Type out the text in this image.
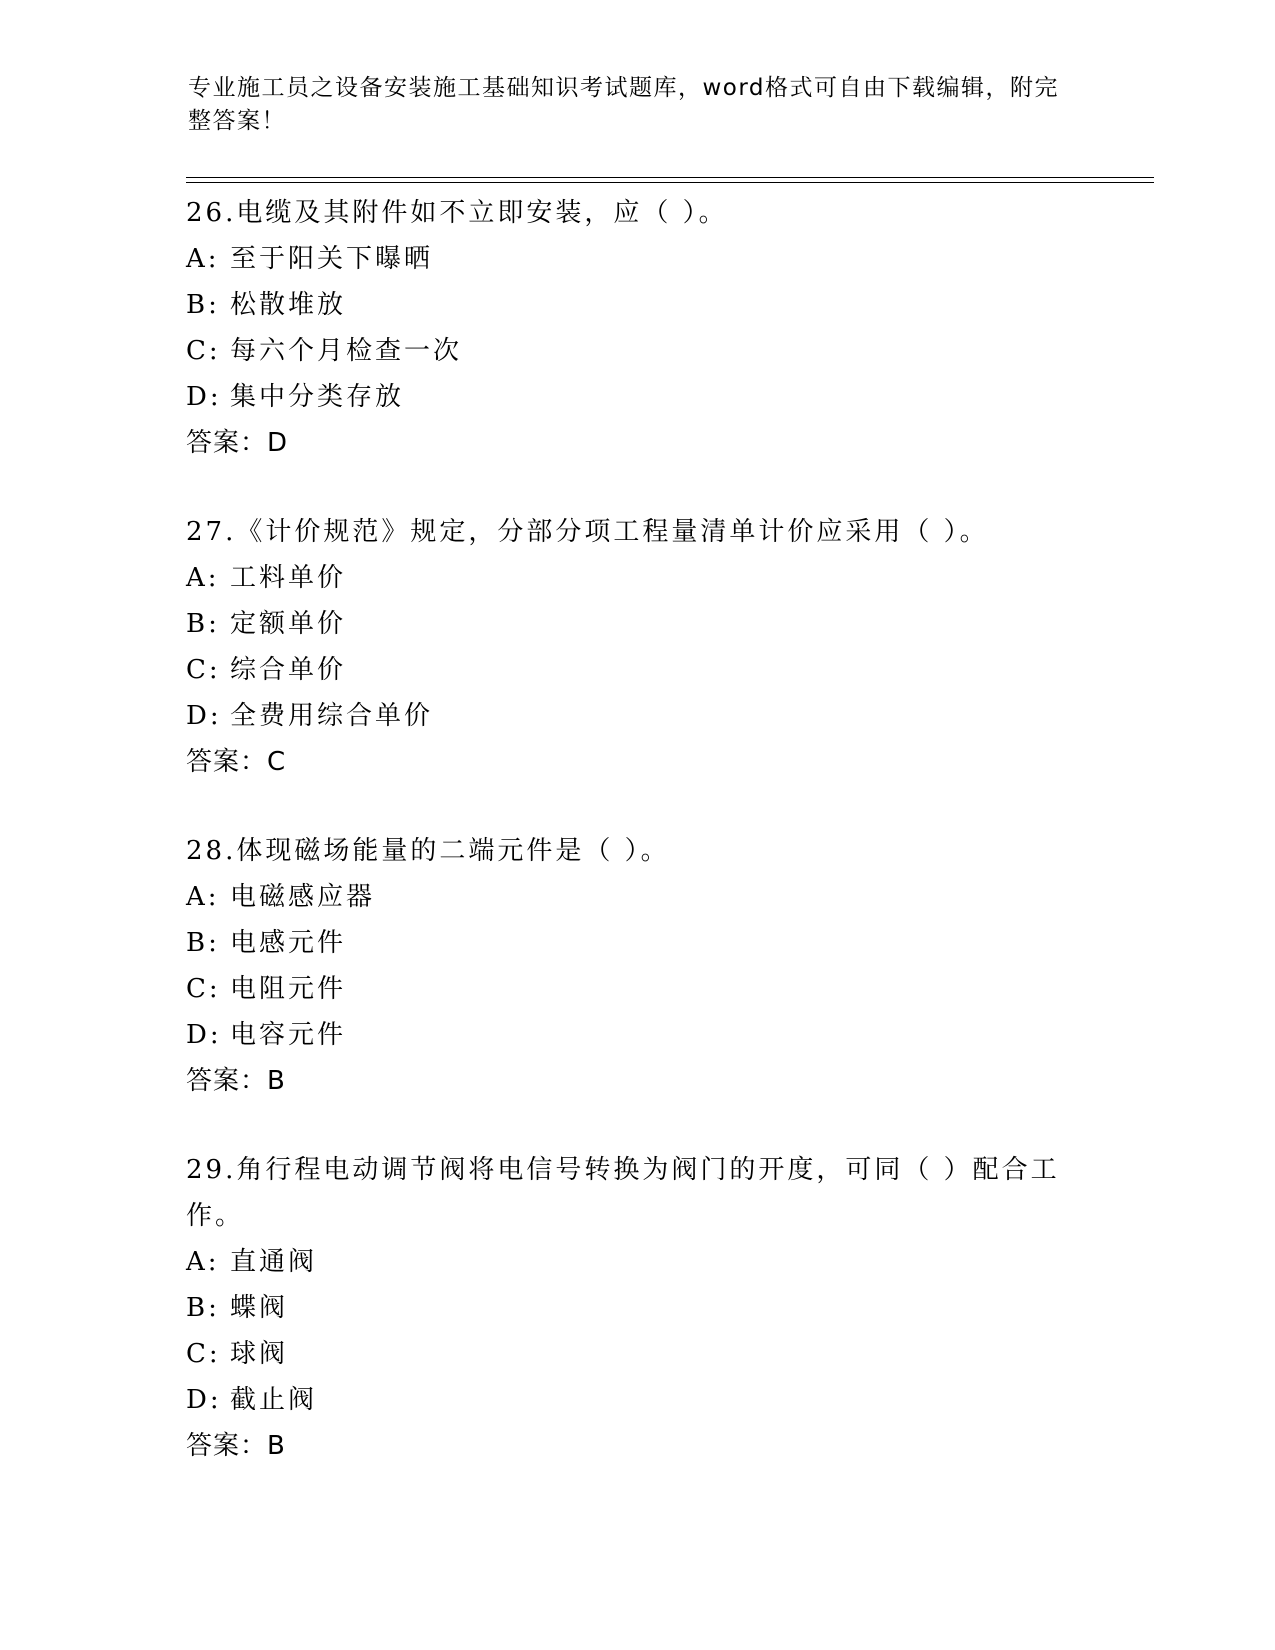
专业施工员之设备安装施工基础知识考试题库，word格式可自由下载编辑，附完整答案！

26.电缆及其附件如不立即安装，应（ ）。

A: 至于阳关下曝晒
B: 松散堆放
C: 每六个月检查一次
D: 集中分类存放
答案：D

27.《计价规范》规定，分部分项工程量清单计价应采用（ ）。

A: 工料单价
B: 定额单价
C: 综合单价
D: 全费用综合单价
答案：C

28.体现磁场能量的二端元件是（ ）。

A: 电磁感应器
B: 电感元件
C: 电阻元件
D: 电容元件
答案：B

29.角行程电动调节阀将电信号转换为阀门的开度，可同（ ）配合工作。

A: 直通阀
B: 蝶阀
C: 球阀
D: 截止阀
答案：B
